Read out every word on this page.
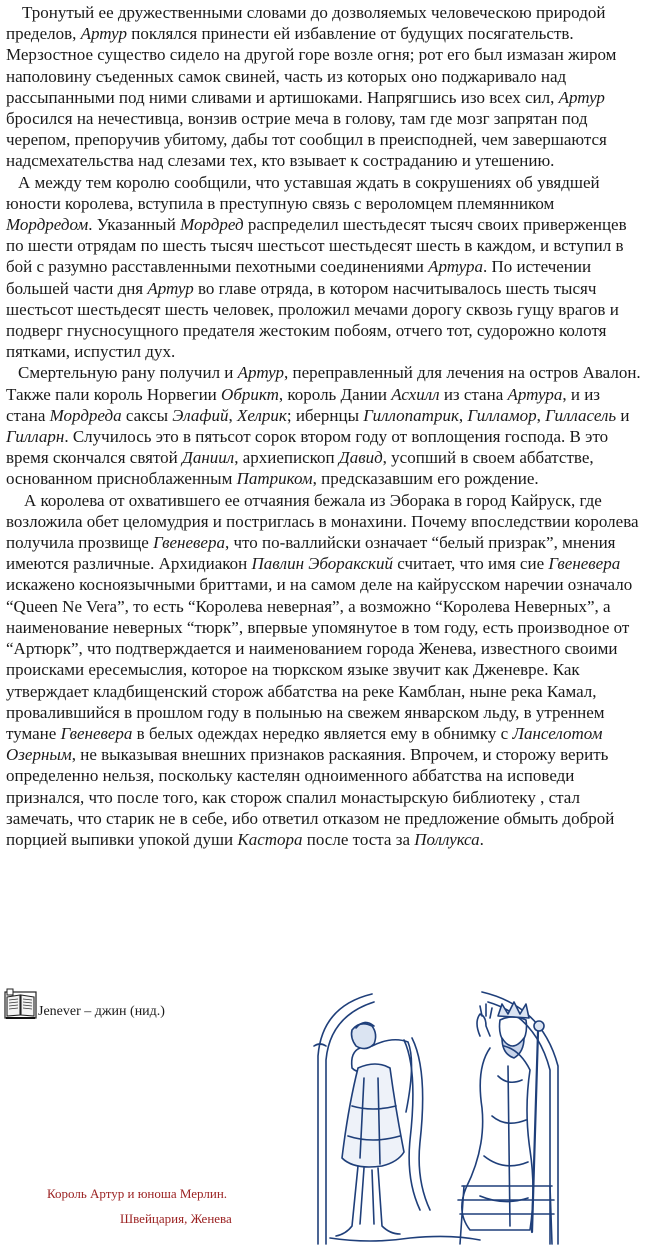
Тронутый ее дружественными словами до дозволяемых человеческою природой пределов, Артур поклялся принести ей избавление от будущих посягательств. Мерзостное существо сидело на другой горе возле огня; рот его был измазан жиром наполовину съеденных самок свиней, часть из которых оно поджаривало над рассыпанными под ними сливами и артишоками. Напрягшись изо всех сил, Артур бросился на нечестивца, вонзив острие меча в голову, там где мозг запрятан под черепом, препоручив убитому, дабы тот сообщил в преисподней, чем завершаются надсмехательства над слезами тех, кто взывает к состраданию и утешению.

А между тем королю сообщили, что уставшая ждать в сокрушениях об увядшей юности королева, вступила в преступную связь с вероломцем племянником Мордредом. Указанный Мордред распределил шестьдесят тысяч своих приверженцев по шести отрядам по шесть тысяч шестьсот шестьдесят шесть в каждом, и вступил в бой с разумно расставленными пехотными соединениями Артура. По истечении большей части дня Артур во главе отряда, в котором насчитывалось шесть тысяч шестьсот шестьдесят шесть человек, проложил мечами дорогу сквозь гущу врагов и подверг гнусносущного предателя жестоким побоям, отчего тот, судорожно колотя пятками, испустил дух.

Смертельную рану получил и Артур, переправленный для лечения на остров Авалон. Также пали король Норвегии Обрикт, король Дании Асхилл из стана Артура, и из стана Мордреда саксы Элафий, Хелрик; ибернцы Гиллопатрик, Гилламор, Гилласель и Гилларн. Случилось это в пятьсот сорок втором году от воплощения господа. В это время скончался святой Даниил, архиепископ Давид, усопший в своем аббатстве, основанном присноблаженным Патриком, предсказавшим его рождение.

А королева от охватившего ее отчаяния бежала из Эборака в город Кайруск, где возложила обет целомудрия и постриглась в монахини. Почему впоследствии королева получила прозвище Гвеневера, что по-валлийски означает “белый призрак”, мнения имеются различные. Архидиакон Павлин Эборакский считает, что имя сие Гвеневера искажено косноязычными бриттами, и на самом деле на кайрусском наречии означало “Queen Ne Vera”, то есть “Королева неверная”, а возможно “Королева Неверных”, а наименование неверных “тюрк”, впервые упомянутое в том году, есть производное от “Артюрк”, что подтверждается и наименованием города Женева, известного своими происками ересемыслия, которое на тюркском языке звучит как Дженевре. Как утверждает кладбищенский сторож аббатства на реке Камблан, ныне река Камал, провалившийся в прошлом году в полынью на свежем январском льду, в утреннем тумане Гвеневера в белых одеждах нередко является ему в обнимку с Ланселотом Озерным, не выказывая внешних признаков раскаяния. Впрочем, и сторожу верить определенно нельзя, поскольку кастелян одноименного аббатства на исповеди признался, что после того, как сторож спалил монастырскую библиотеку , стал замечать, что старик не в себе, ибо ответил отказом не предложение обмыть доброй порцией выпивки упокой души Кастора после тоста за Поллукса.

Jenever – джин (нид.)
Король Артур и юноша Мерлин.
Швейцария, Женева
